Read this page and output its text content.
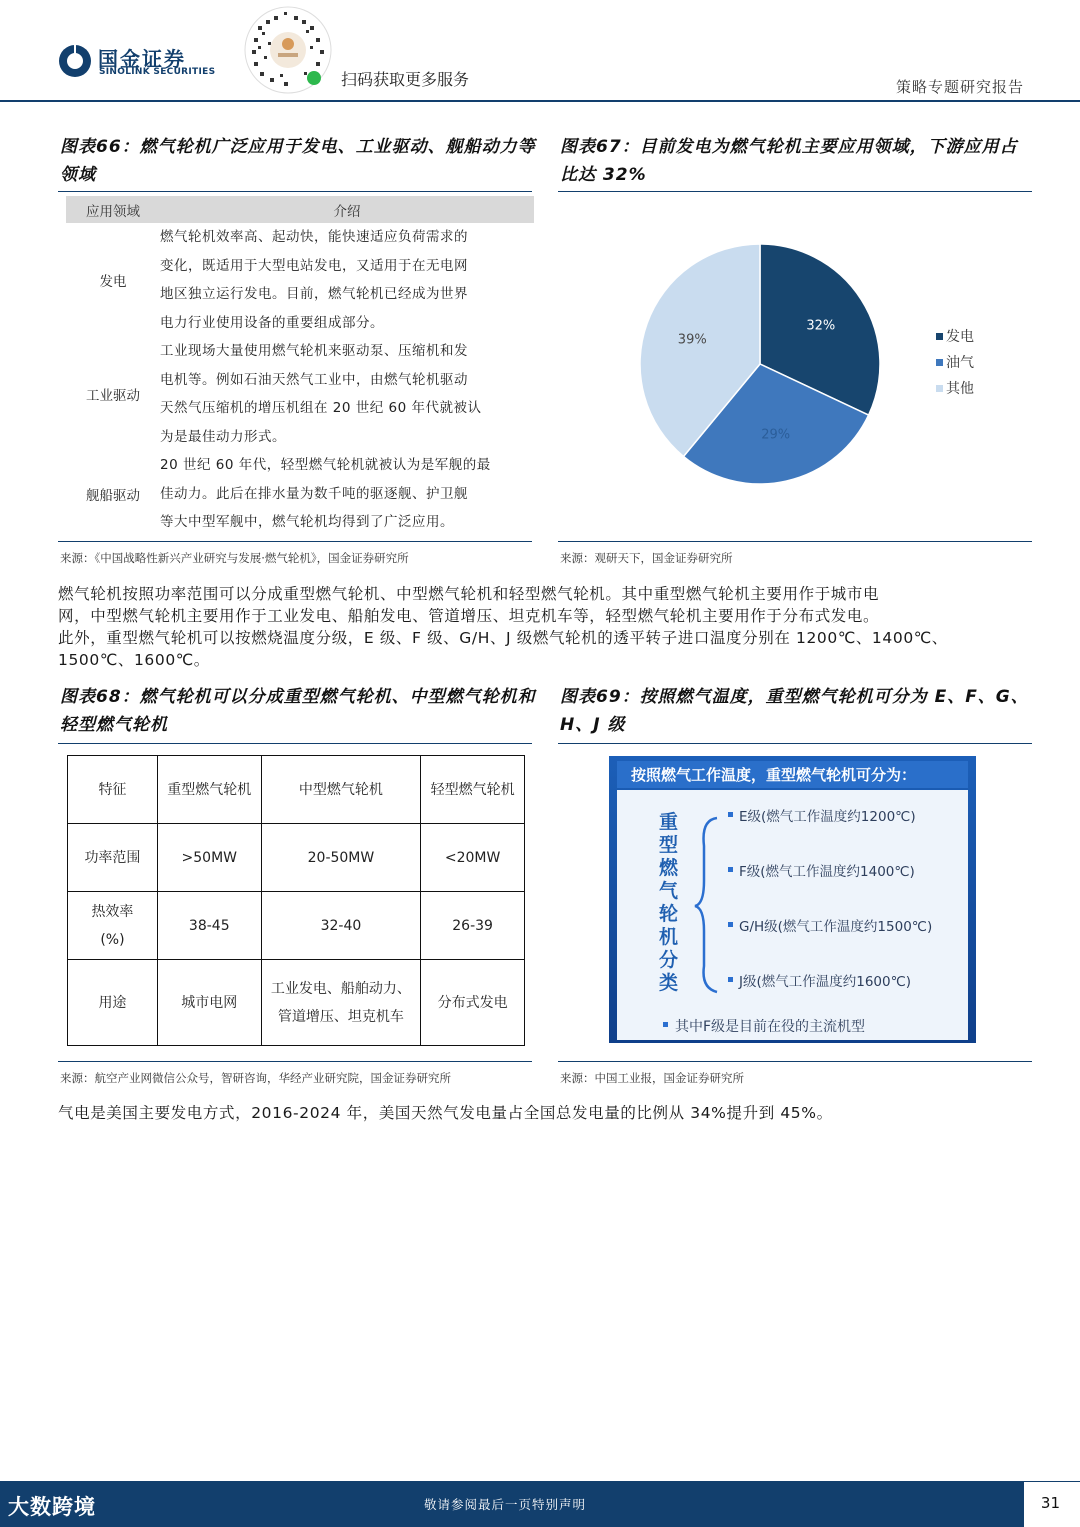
国金证券
SINOLINK SECURITIES	扫码获取更多服务	策略专题研究报告
图表66：燃气轮机广泛应用于发电、工业驱动、舰船动力等领域
应用领域	介绍
发电	燃气轮机效率高、起动快，能快速适应负荷需求的
变化，既适用于大型电站发电，又适用于在无电网
地区独立运行发电。目前，燃气轮机已经成为世界
电力行业使用设备的重要组成部分。

工业驱动	工业现场大量使用燃气轮机来驱动泵、压缩机和发
电机等。例如石油天然气工业中，由燃气轮机驱动
天然气压缩机的增压机组在 20 世纪 60 年代就被认
为是最佳动力形式。

舰船驱动	20 世纪 60 年代，轻型燃气轮机就被认为是军舰的最
佳动力。此后在排水量为数千吨的驱逐舰、护卫舰
等大中型军舰中，燃气轮机均得到了广泛应用。
来源：《中国战略性新兴产业研究与发展·燃气轮机》，国金证券研究所
图表67：目前发电为燃气轮机主要应用领域，下游应用占比达 32%
32%
29%
39%	发电
油气
其他
来源：观研天下，国金证券研究所
燃气轮机按照功率范围可以分成重型燃气轮机、中型燃气轮机和轻型燃气轮机。其中重型燃气轮机主要用作于城市电
网，中型燃气轮机主要用作于工业发电、船舶发电、管道增压、坦克机车等，轻型燃气轮机主要用作于分布式发电。
此外，重型燃气轮机可以按燃烧温度分级，E 级、F 级、G/H、J 级燃气轮机的透平转子进口温度分别在 1200℃、1400℃、
1500℃、1600℃。
图表68：燃气轮机可以分成重型燃气轮机、中型燃气轮机和轻型燃气轮机
特征	重型燃气轮机	中型燃气轮机	轻型燃气轮机
功率范围	>50MW	20-50MW	<20MW
热效率(%)	38-45	32-40	26-39
用途	城市电网	工业发电、船舶动力、管道增压、坦克机车	分布式发电
来源：航空产业网微信公众号，智研咨询，华经产业研究院，国金证券研究所
图表69：按照燃气温度，重型燃气轮机可分为 E、F、G、H、J 级
按照燃气工作温度，重型燃气轮机可分为：
重
型
燃
气
轮
机
分
类
E级(燃气工作温度约1200℃)
F级(燃气工作温度约1400℃)
G/H级(燃气工作温度约1500℃)
J级(燃气工作温度约1600℃)
其中F级是目前在役的主流机型
来源：中国工业报，国金证券研究所
气电是美国主要发电方式，2016-2024 年，美国天然气发电量占全国总发电量的比例从 34%提升到 45%。
大数跨境	敬请参阅最后一页特别声明	31
